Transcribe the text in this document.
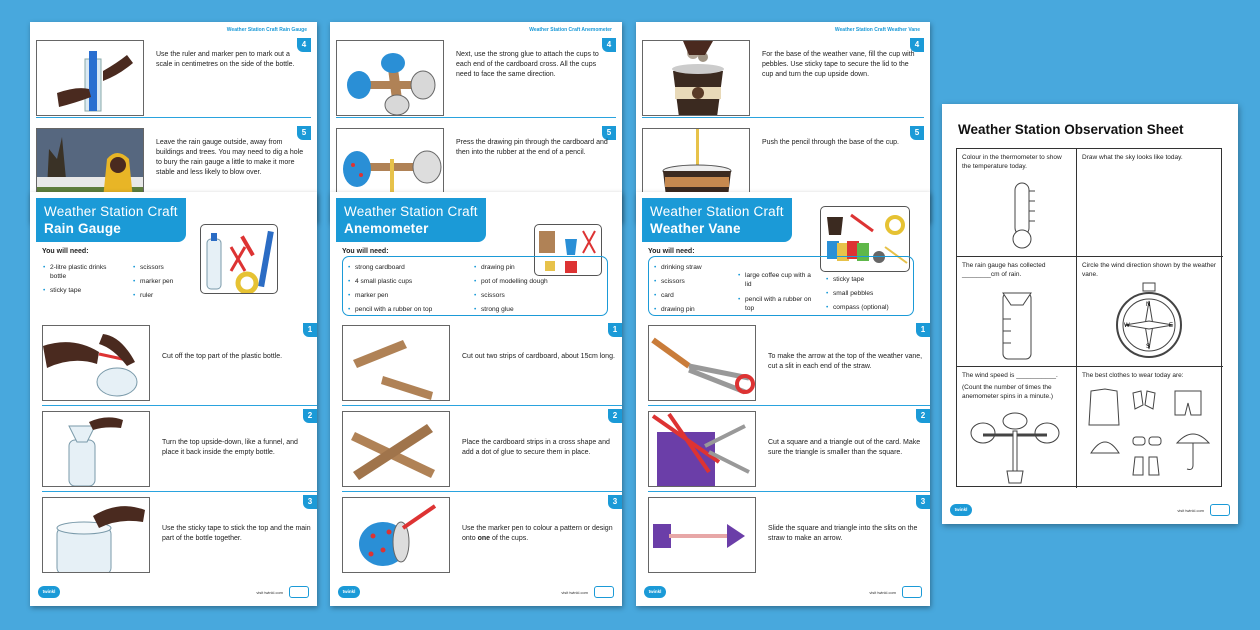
Weather Station Craft Rain Gauge
4
Use the ruler and marker pen to mark out a scale in centimetres on the side of the bottle.
5
Leave the rain gauge outside, away from buildings and trees. You may need to dig a hole to bury the rain gauge a little to make it more stable and less likely to blow over.
Weather Station Craft Anemometer
4
Next, use the strong glue to attach the cups to each end of the cardboard cross. All the cups need to face the same direction.
5
Press the drawing pin through the cardboard and then into the rubber at the end of a pencil.
Weather Station Craft Weather Vane
4
For the base of the weather vane, fill the cup with pebbles. Use sticky tape to secure the lid to the cup and turn the cup upside down.
5
Push the pencil through the base of the cup.
Weather Station Craft
Rain Gauge
You will need:
• 2-litre plastic drinks bottle
• sticky tape
• scissors
• marker pen
• ruler
1
Cut off the top part of the plastic bottle.
2
Turn the top upside-down, like a funnel, and place it back inside the empty bottle.
3
Use the sticky tape to stick the top and the main part of the bottle together.
twinkl	visit twinkl.com
Weather Station Craft
Anemometer
You will need:
• strong cardboard
• 4 small plastic cups
• marker pen
• pencil with a rubber on top
• drawing pin
• pot of modelling dough
• scissors
• strong glue
1
Cut out two strips of cardboard, about 15cm long.
2
Place the cardboard strips in a cross shape and add a dot of glue to secure them in place.
3
Use the marker pen to colour a pattern or design onto one of the cups.
twinkl	visit twinkl.com
Weather Station Craft
Weather Vane
You will need:
• drinking straw
• scissors
• card
• drawing pin
• large coffee cup with a lid
• pencil with a rubber on top
• sticky tape
• small pebbles
• compass (optional)
1
To make the arrow at the top of the weather vane, cut a slit in each end of the straw.
2
Cut a square and a triangle out of the card. Make sure the triangle is smaller than the square.
3
Slide the square and triangle into the slits on the straw to make an arrow.
twinkl	visit twinkl.com
Weather Station Observation Sheet
Colour in the thermometer to show the temperature today.
Draw what the sky looks like today.
The rain gauge has collected ________cm of rain.
Circle the wind direction shown by the weather vane.
N
E
S
W
The wind speed is ___________.
(Count the number of times the anemometer spins in a minute.)
The best clothes to wear today are:
twinkl	visit twinkl.com
